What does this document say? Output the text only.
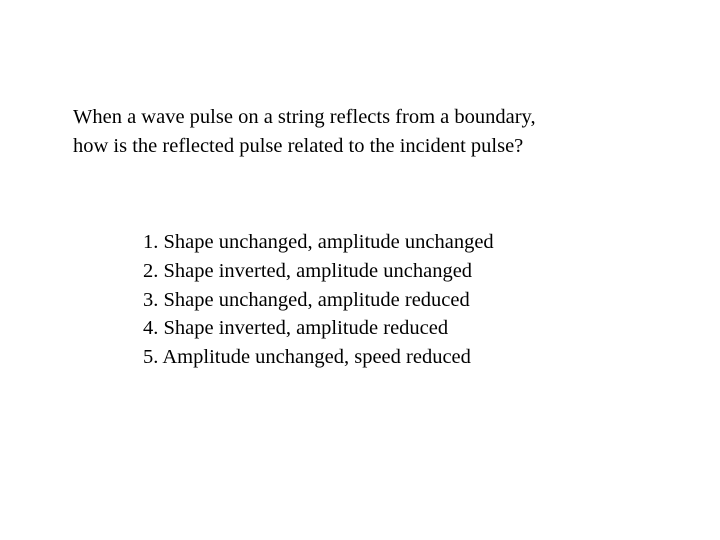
When a wave pulse on a string reflects from a boundary,
how is the reflected pulse related to the incident pulse?

1. Shape unchanged, amplitude unchanged
2. Shape inverted, amplitude unchanged
3. Shape unchanged, amplitude reduced
4. Shape inverted, amplitude reduced
5. Amplitude unchanged, speed reduced
